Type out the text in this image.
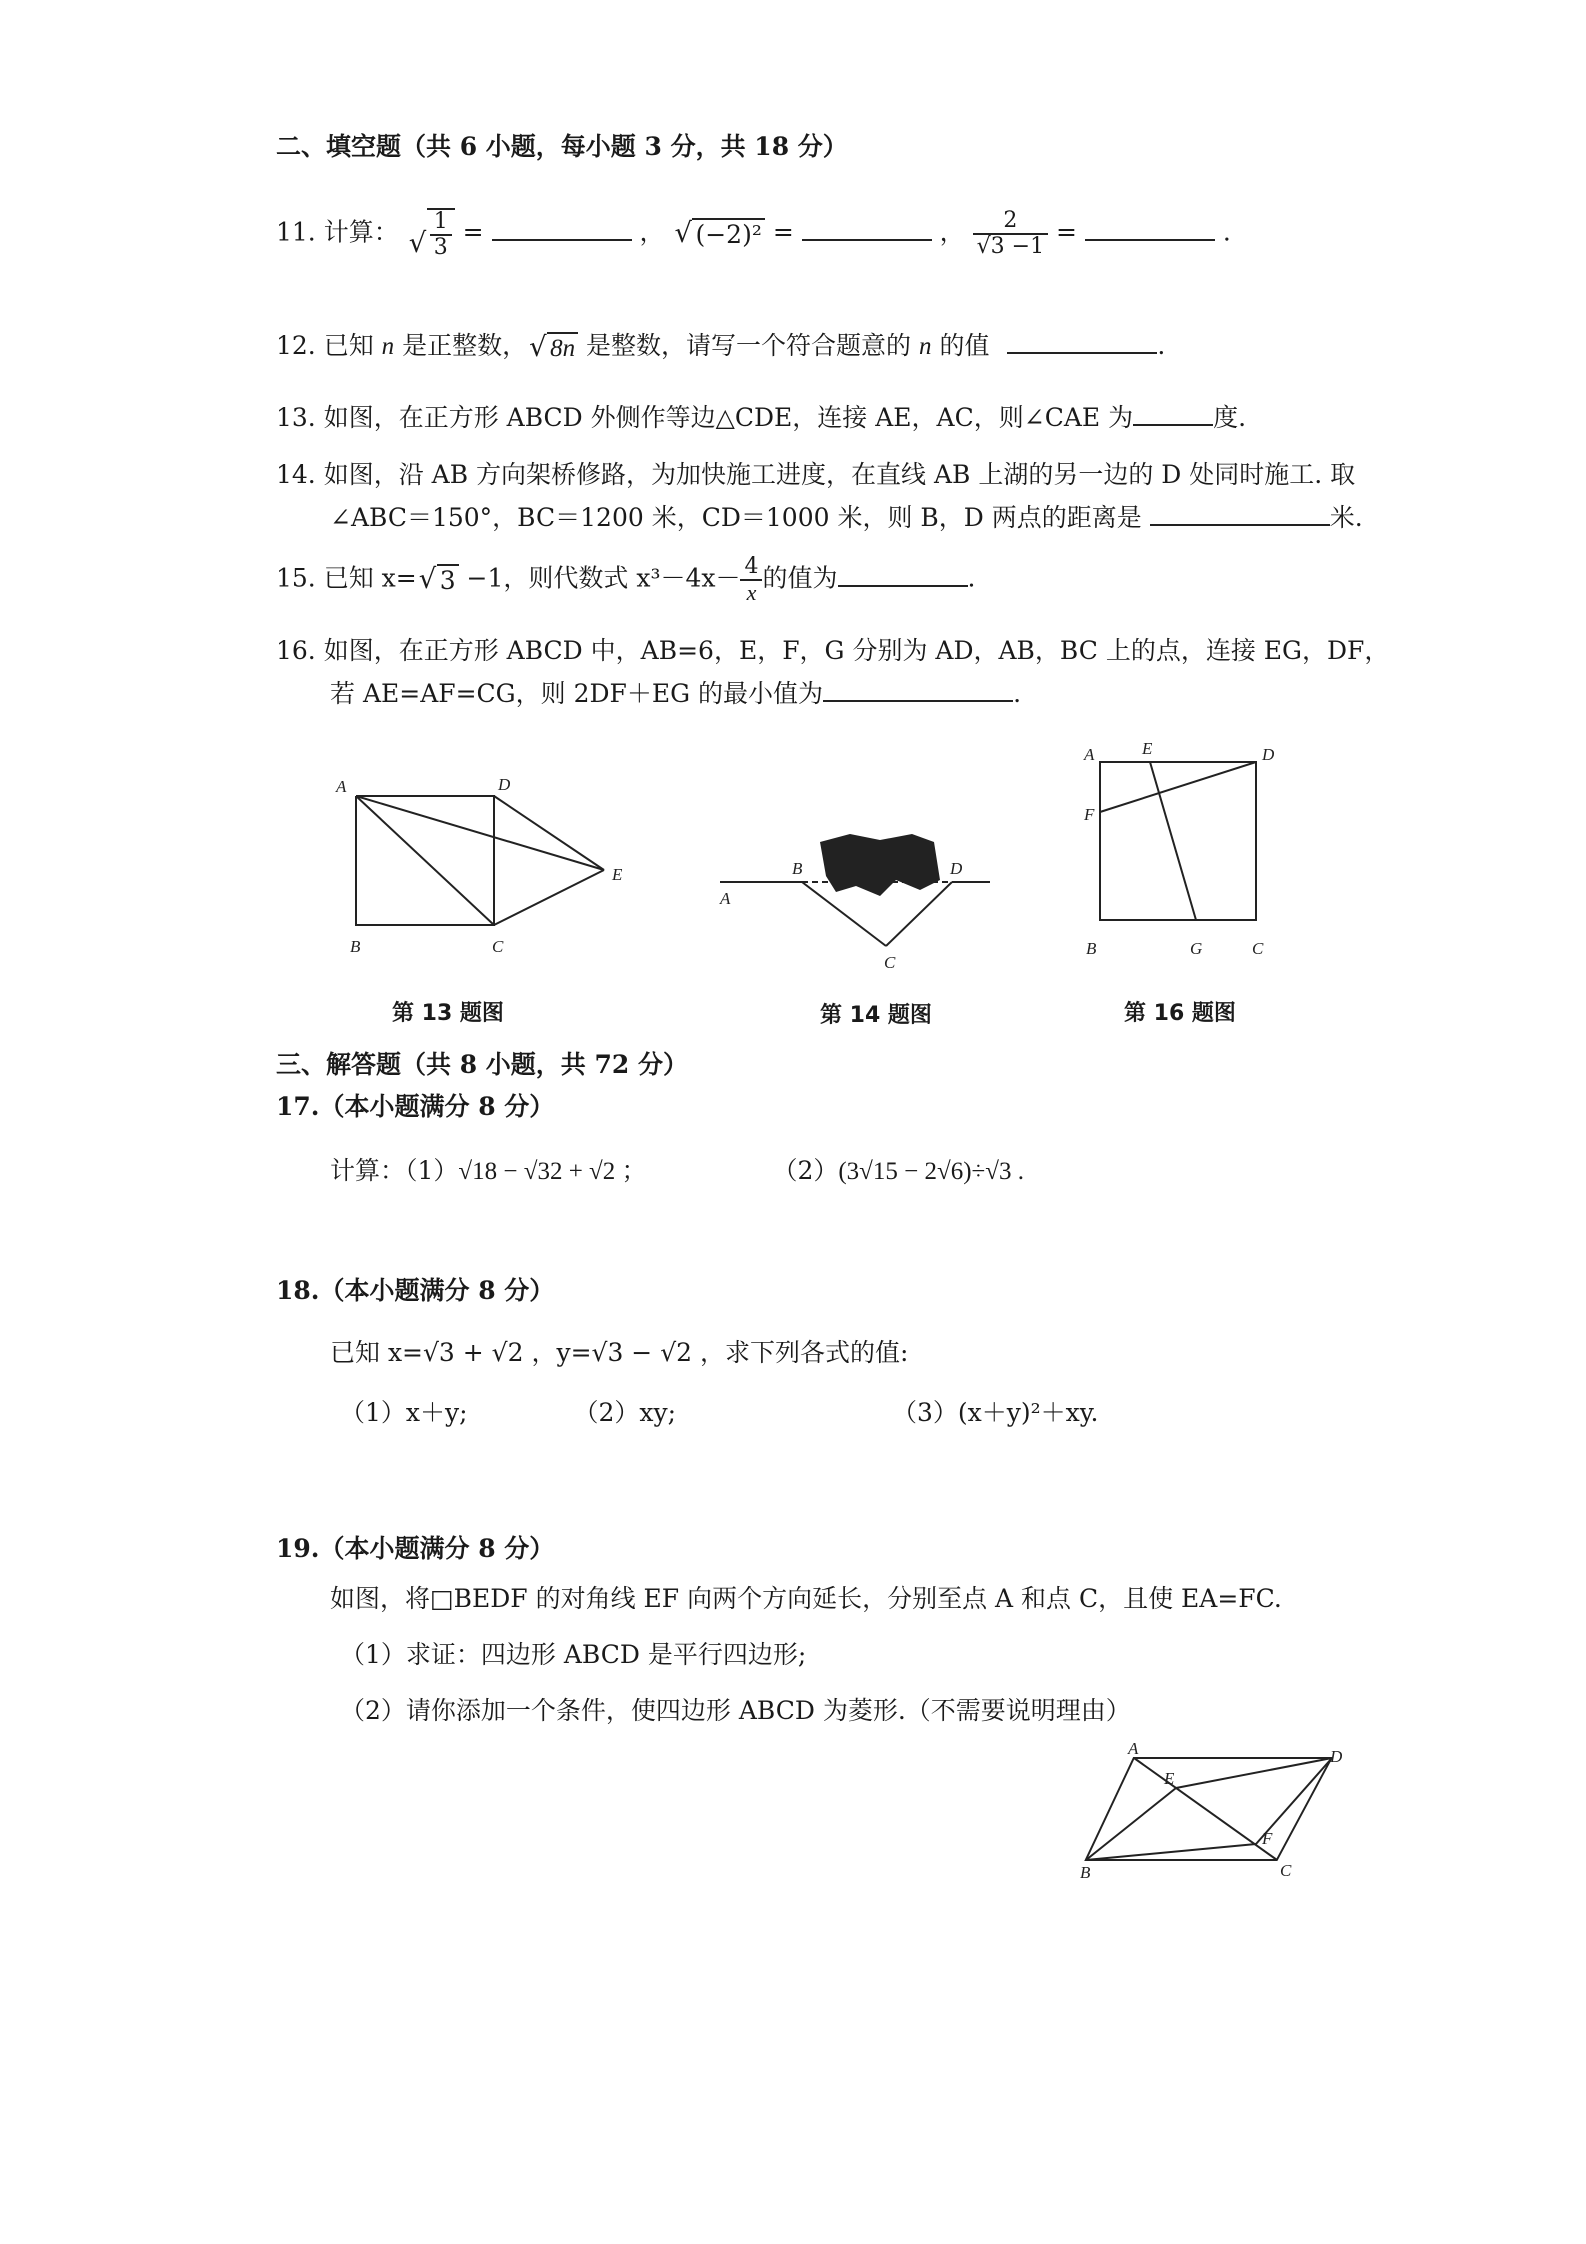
二、填空题（共 6 小题，每小题 3 分，共 18 分）
11. 计算： √ $\frac{1}{3}$ =	， √ (−2)² =	， $\frac{2}{√3 -1}$ =	.
12. 已知 n 是正整数， √ 8n 是整数，请写一个符合题意的 n 的值	.
13. 如图，在正方形 ABCD 外侧作等边△CDE，连接 AE，AC，则∠CAE 为	度.
14. 如图，沿 AB 方向架桥修路，为加快施工进度，在直线 AB 上湖的另一边的 D 处同时施工. 取
∠ABC＝150°，BC＝1200 米，CD＝1000 米，则 B，D 两点的距离是	米.
15. 已知 x= √ 3 −1，则代数式 $x^3-4x- \frac{4}{x}$ 的值为	.
16. 如图，在正方形 ABCD 中，AB=6，E，F，G 分别为 AD，AB，BC 上的点，连接 EG，DF，
若 AE=AF=CG，则 2DF＋EG 的最小值为	.
A
B	C
D
E
A
B
C
D
A	E	D
F
B	G	C
第 13 题图	第 14 题图	第 16 题图
三、解答题（共 8 小题，共 72 分）
17.（本小题满分 8 分）
计算：（1）√18 − √32 + √2 ；	（2）(3√15 − 2√6)÷√3 .
18.（本小题满分 8 分）
已知 x=√3 + √2 ，y=√3 − √2 ，求下列各式的值:
（1）x＋y;	（2）xy;	（3）(x＋y)²＋xy.
19.（本小题满分 8 分）
如图，将□BEDF 的对角线 EF 向两个方向延长，分别至点 A 和点 C，且使 EA=FC.
（1）求证：四边形 ABCD 是平行四边形;
（2）请你添加一个条件，使四边形 ABCD 为菱形.（不需要说明理由）
A
E
D
F
B	C
